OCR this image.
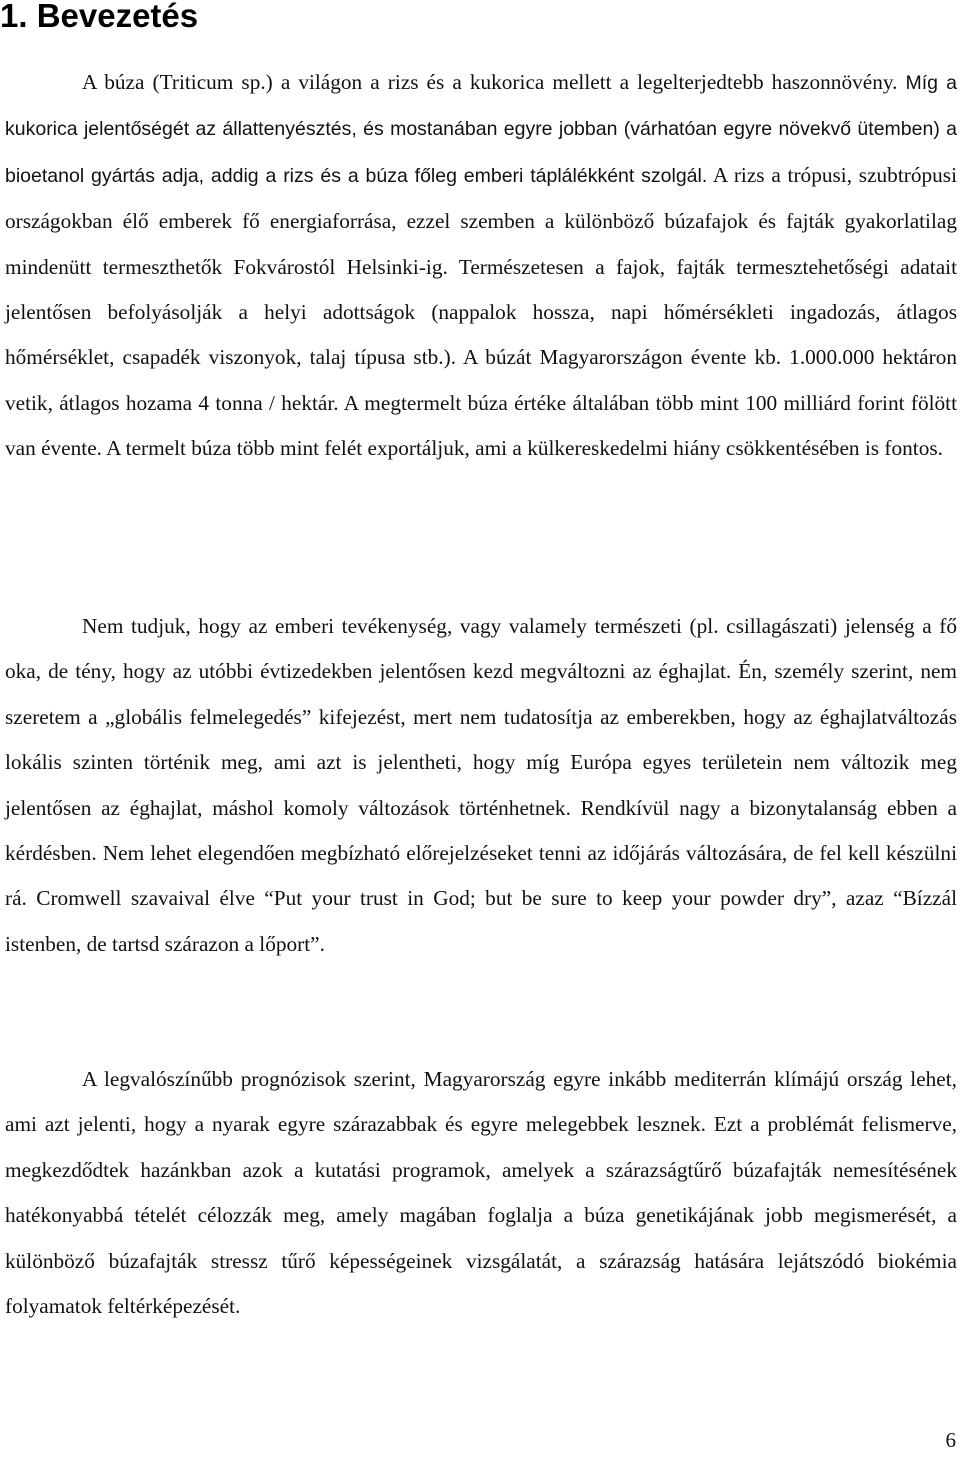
1. Bevezetés

A búza (Triticum sp.) a világon a rizs és a kukorica mellett a legelterjedtebb haszonnövény. Míg a kukorica jelentőségét az állattenyésztés, és mostanában egyre jobban (várhatóan egyre növekvő ütemben) a bioetanol gyártás adja, addig a rizs és a búza főleg emberi táplálékként szolgál. A rizs a trópusi, szubtrópusi országokban élő emberek fő energiaforrása, ezzel szemben a különböző búzafajok és fajták gyakorlatilag mindenütt termeszthetők Fokvárostól Helsinki-ig. Természetesen a fajok, fajták termesztehetőségi adatait jelentősen befolyásolják a helyi adottságok (nappalok hossza, napi hőmérsékleti ingadozás, átlagos hőmérséklet, csapadék viszonyok, talaj típusa stb.). A búzát Magyarországon évente kb. 1.000.000 hektáron vetik, átlagos hozama 4 tonna / hektár. A megtermelt búza értéke általában több mint 100 milliárd forint fölött van évente. A termelt búza több mint felét exportáljuk, ami a külkereskedelmi hiány csökkentésében is fontos.

Nem tudjuk, hogy az emberi tevékenység, vagy valamely természeti (pl. csillagászati) jelenség a fő oka, de tény, hogy az utóbbi évtizedekben jelentősen kezd megváltozni az éghajlat. Én, személy szerint, nem szeretem a „globális felmelegedés” kifejezést, mert nem tudatosítja az emberekben, hogy az éghajlatváltozás lokális szinten történik meg, ami azt is jelentheti, hogy míg Európa egyes területein nem változik meg jelentősen az éghajlat, máshol komoly változások történhetnek. Rendkívül nagy a bizonytalanság ebben a kérdésben. Nem lehet elegendően megbízható előrejelzéseket tenni az időjárás változására, de fel kell készülni rá. Cromwell szavaival élve “Put your trust in God; but be sure to keep your powder dry”, azaz “Bízzál istenben, de tartsd szárazon a lőport”.

A legvalószínűbb prognózisok szerint, Magyarország egyre inkább mediterrán klímájú ország lehet, ami azt jelenti, hogy a nyarak egyre szárazabbak és egyre melegebbek lesznek. Ezt a problémát felismerve, megkezdődtek hazánkban azok a kutatási programok, amelyek a szárazságtűrő búzafajták nemesítésének hatékonyabbá tételét célozzák meg, amely magában foglalja a búza genetikájának jobb megismerését, a különböző búzafajták stressz tűrő képességeinek vizsgálatát, a szárazság hatására lejátszódó biokémia folyamatok feltérképezését.

6
